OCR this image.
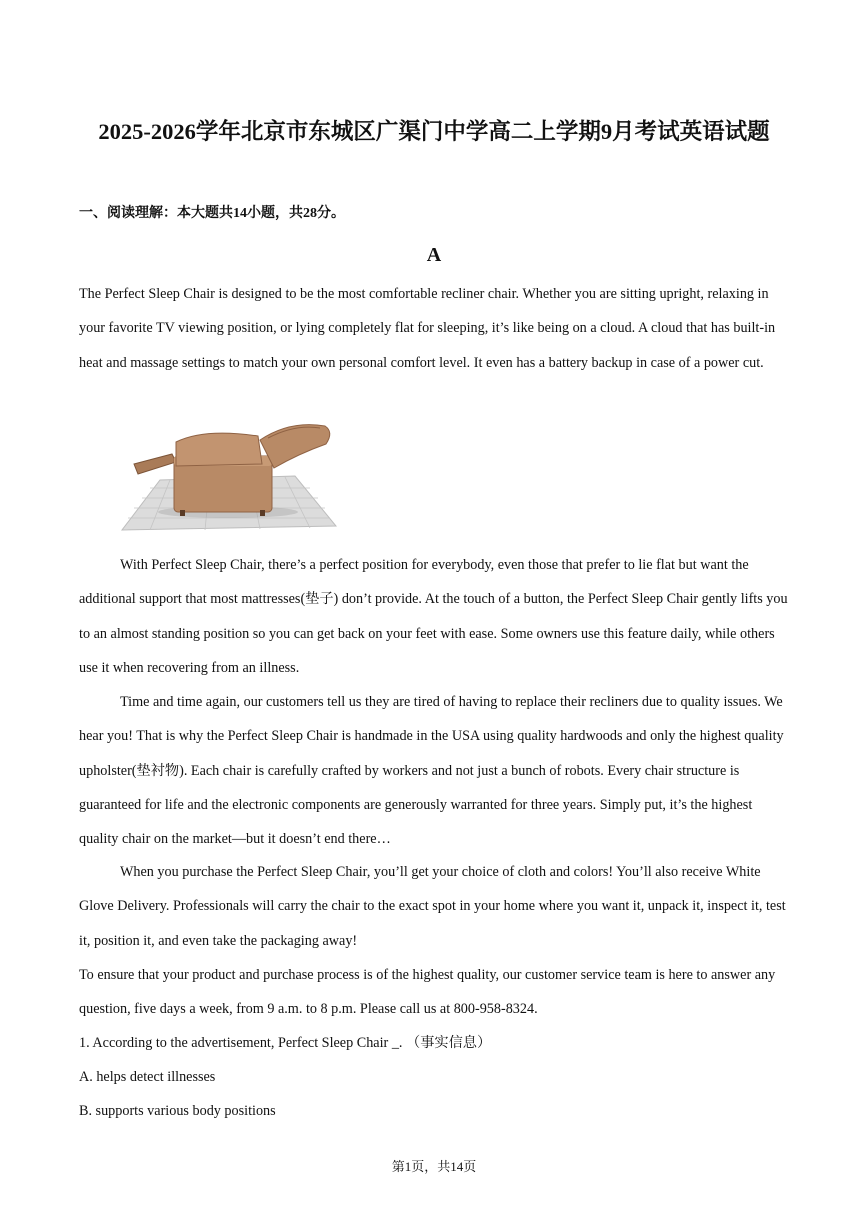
2025-2026学年北京市东城区广渠门中学高二上学期9月考试英语试题
一、阅读理解：本大题共14小题，共28分。
A

The Perfect Sleep Chair is designed to be the most comfortable recliner chair. Whether you are sitting upright, relaxing in your favorite TV viewing position, or lying completely flat for sleeping, it’s like being on a cloud. A cloud that has built-in heat and massage settings to match your own personal comfort level. It even has a battery backup in case of a power cut.

With Perfect Sleep Chair, there’s a perfect position for everybody, even those that prefer to lie flat but want the additional support that most mattresses(垫子) don’t provide. At the touch of a button, the Perfect Sleep Chair gently lifts you to an almost standing position so you can get back on your feet with ease. Some owners use this feature daily, while others use it when recovering from an illness.

Time and time again, our customers tell us they are tired of having to replace their recliners due to quality issues. We hear you! That is why the Perfect Sleep Chair is handmade in the USA using quality hardwoods and only the highest quality upholster(垫衬物). Each chair is carefully crafted by workers and not just a bunch of robots. Every chair structure is guaranteed for life and the electronic components are generously warranted for three years. Simply put, it’s the highest quality chair on the market—but it doesn’t end there…

When you purchase the Perfect Sleep Chair, you’ll get your choice of cloth and colors! You’ll also receive White Glove Delivery. Professionals will carry the chair to the exact spot in your home where you want it, unpack it, inspect it, test it, position it, and even take the packaging away!

To ensure that your product and purchase process is of the highest quality, our customer service team is here to answer any question, five days a week, from 9 a.m. to 8 p.m. Please call us at 800-958-8324.

1. According to the advertisement, Perfect Sleep Chair _. （事实信息）

A. helps detect illnesses

B. supports various body positions

第1页，共14页
